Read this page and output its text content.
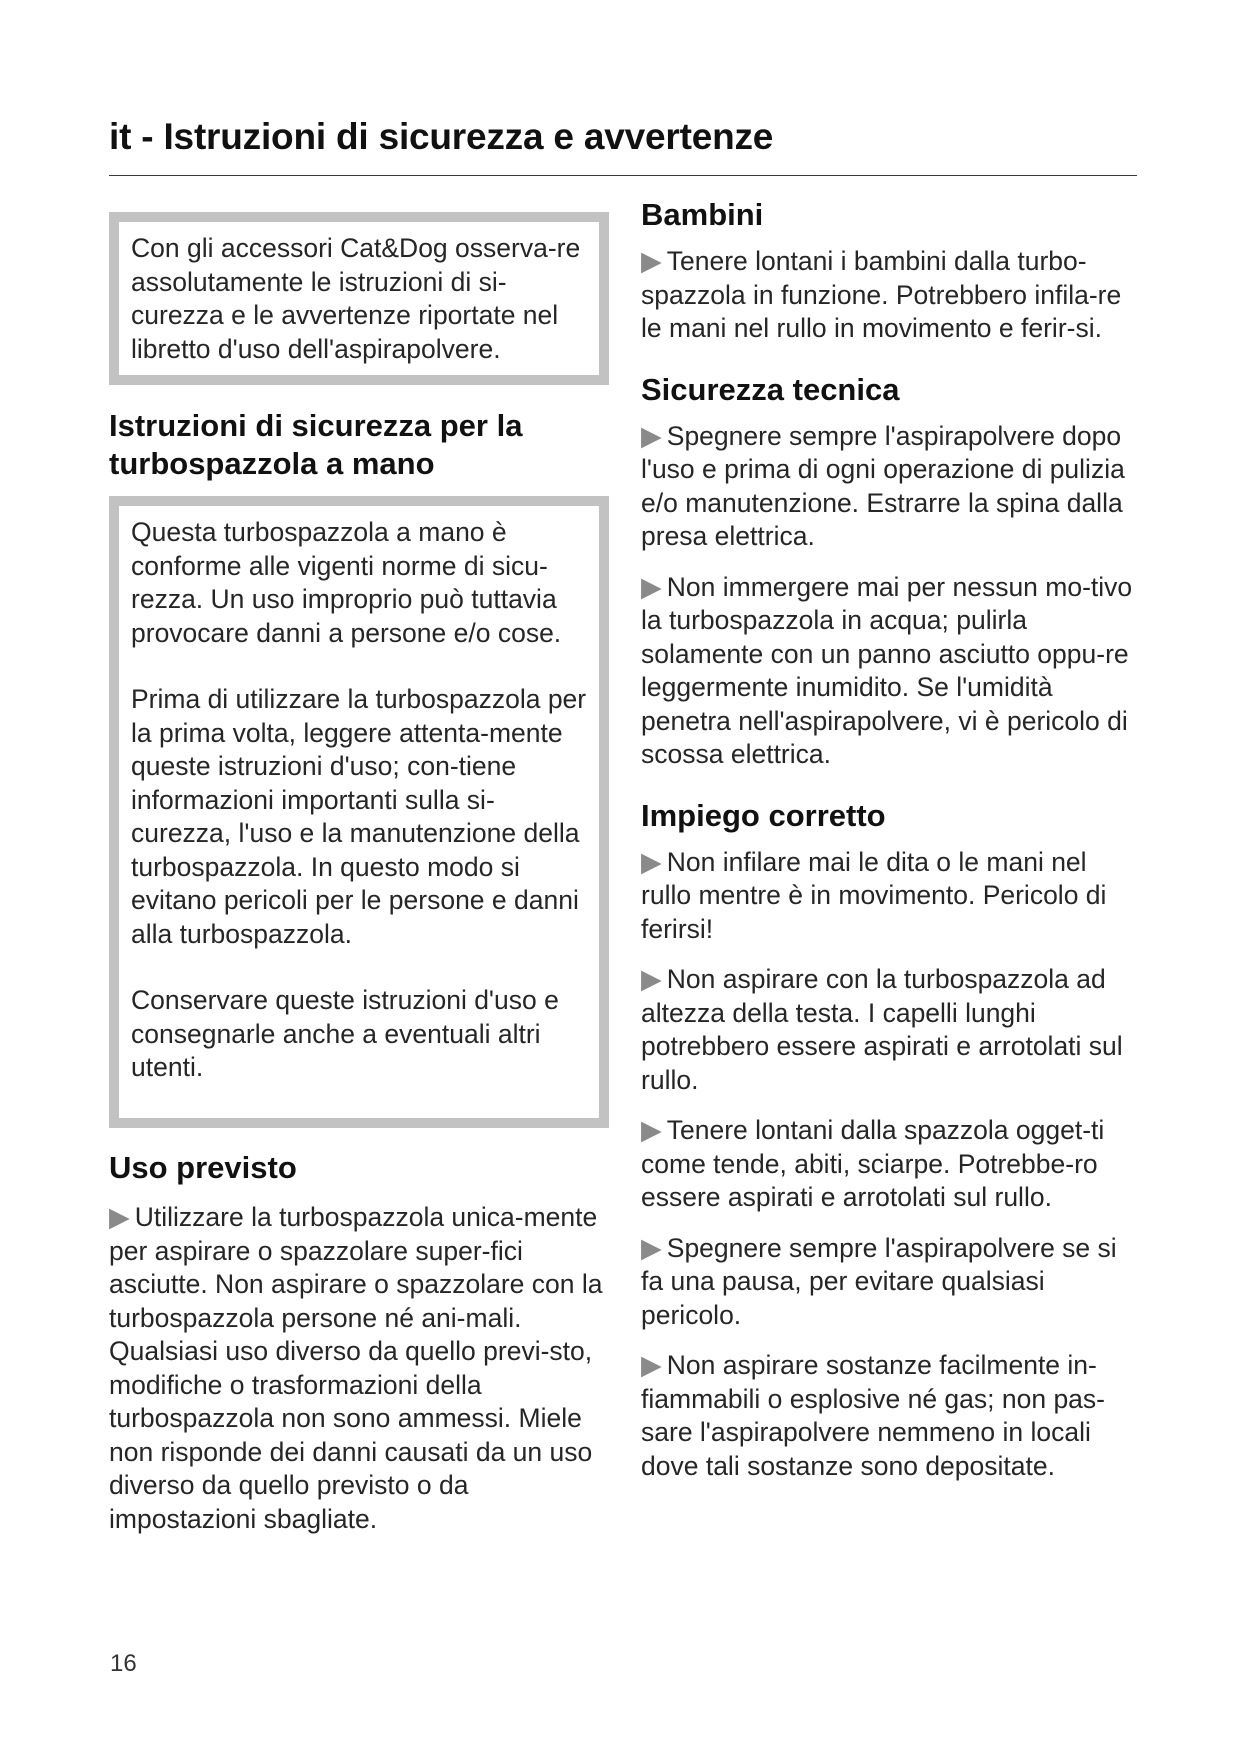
it - Istruzioni di sicurezza e avvertenze

Con gli accessori Cat&Dog osserva-re assolutamente le istruzioni di si-curezza e le avvertenze riportate nel libretto d'uso dell'aspirapolvere.

Istruzioni di sicurezza per la turbospazzola a mano

Questa turbospazzola a mano è conforme alle vigenti norme di sicu-rezza. Un uso improprio può tuttavia provocare danni a persone e/o cose.

Prima di utilizzare la turbospazzola per la prima volta, leggere attenta-mente queste istruzioni d'uso; con-tiene informazioni importanti sulla si-curezza, l'uso e la manutenzione della turbospazzola. In questo modo si evitano pericoli per le persone e danni alla turbospazzola.

Conservare queste istruzioni d'uso e consegnarle anche a eventuali altri utenti.

Uso previsto

▶ Utilizzare la turbospazzola unica-mente per aspirare o spazzolare super-fici asciutte. Non aspirare o spazzolare con la turbospazzola persone né ani-mali.

Qualsiasi uso diverso da quello previ-sto, modifiche o trasformazioni della turbospazzola non sono ammessi. Miele non risponde dei danni causati da un uso diverso da quello previsto o da impostazioni sbagliate.

Bambini

▶ Tenere lontani i bambini dalla turbo-spazzola in funzione. Potrebbero infila-re le mani nel rullo in movimento e ferir-si.

Sicurezza tecnica

▶ Spegnere sempre l'aspirapolvere dopo l'uso e prima di ogni operazione di pulizia e/o manutenzione. Estrarre la spina dalla presa elettrica.

▶ Non immergere mai per nessun mo-tivo la turbospazzola in acqua; pulirla solamente con un panno asciutto oppu-re leggermente inumidito. Se l'umidità penetra nell'aspirapolvere, vi è pericolo di scossa elettrica.

Impiego corretto

▶ Non infilare mai le dita o le mani nel rullo mentre è in movimento. Pericolo di ferirsi!

▶ Non aspirare con la turbospazzola ad altezza della testa. I capelli lunghi potrebbero essere aspirati e arrotolati sul rullo.

▶ Tenere lontani dalla spazzola ogget-ti come tende, abiti, sciarpe. Potrebbe-ro essere aspirati e arrotolati sul rullo.

▶ Spegnere sempre l'aspirapolvere se si fa una pausa, per evitare qualsiasi pericolo.

▶ Non aspirare sostanze facilmente in-fiammabili o esplosive né gas; non pas-sare l'aspirapolvere nemmeno in locali dove tali sostanze sono depositate.

16
